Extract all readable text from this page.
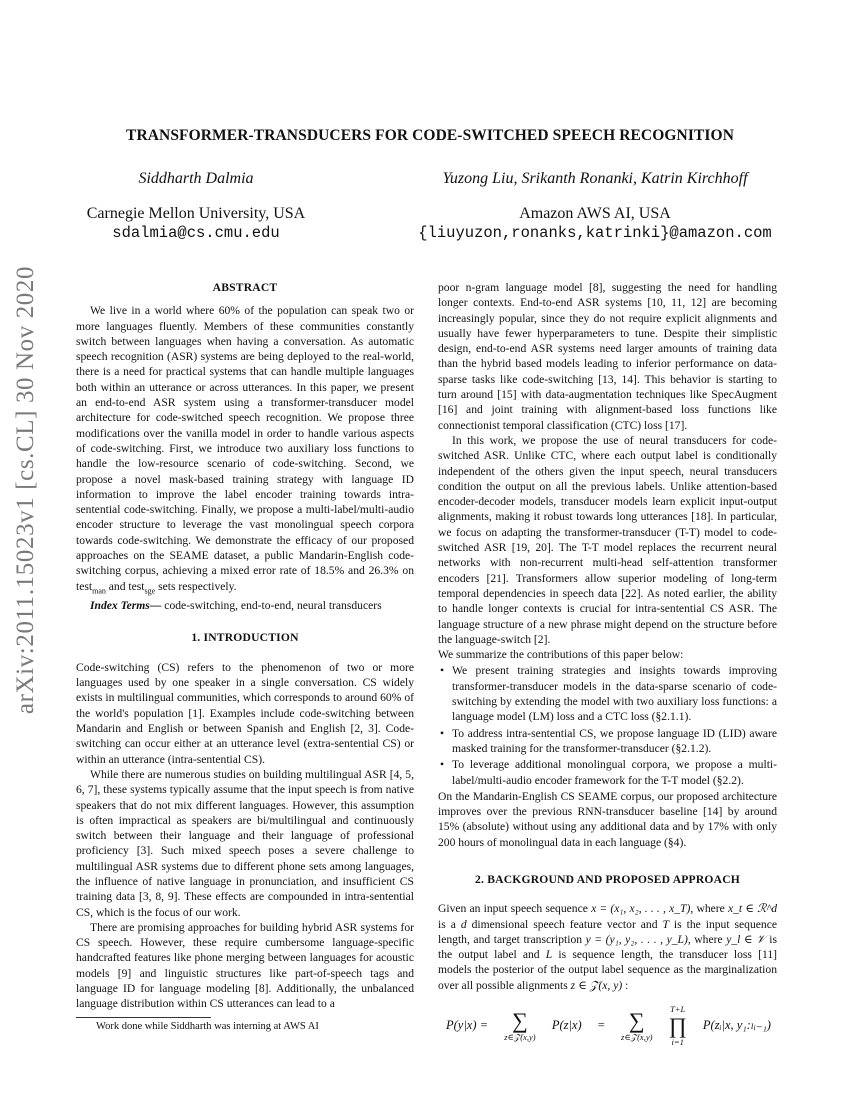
arXiv:2011.15023v1 [cs.CL] 30 Nov 2020
TRANSFORMER-TRANSDUCERS FOR CODE-SWITCHED SPEECH RECOGNITION
Siddharth Dalmia
Carnegie Mellon University, USA
sdalmia@cs.cmu.edu
Yuzong Liu, Srikanth Ronanki, Katrin Kirchhoff
Amazon AWS AI, USA
{liuyuzon,ronanks,katrinki}@amazon.com
ABSTRACT

We live in a world where 60% of the population can speak two or more languages fluently. Members of these communities constantly switch between languages when having a conversation. As automatic speech recognition (ASR) systems are being deployed to the real-world, there is a need for practical systems that can handle multiple languages both within an utterance or across utterances. In this paper, we present an end-to-end ASR system using a transformer-transducer model architecture for code-switched speech recognition. We propose three modifications over the vanilla model in order to handle various aspects of code-switching. First, we introduce two auxiliary loss functions to handle the low-resource scenario of code-switching. Second, we propose a novel mask-based training strategy with language ID information to improve the label encoder training towards intra-sentential code-switching. Finally, we propose a multi-label/multi-audio encoder structure to leverage the vast monolingual speech corpora towards code-switching. We demonstrate the efficacy of our proposed approaches on the SEAME dataset, a public Mandarin-English code-switching corpus, achieving a mixed error rate of 18.5% and 26.3% on test$_{man}$ and test$_{sge}$ sets respectively.

Index Terms— code-switching, end-to-end, neural transducers

1. INTRODUCTION

Code-switching (CS) refers to the phenomenon of two or more languages used by one speaker in a single conversation. CS widely exists in multilingual communities, which corresponds to around 60% of the world's population [1]. Examples include code-switching between Mandarin and English or between Spanish and English [2, 3]. Code-switching can occur either at an utterance level (extra-sentential CS) or within an utterance (intra-sentential CS).

While there are numerous studies on building multilingual ASR [4, 5, 6, 7], these systems typically assume that the input speech is from native speakers that do not mix different languages. However, this assumption is often impractical as speakers are bi/multilingual and continuously switch between their language and their language of professional proficiency [3]. Such mixed speech poses a severe challenge to multilingual ASR systems due to different phone sets among languages, the influence of native language in pronunciation, and insufficient CS training data [3, 8, 9]. These effects are compounded in intra-sentential CS, which is the focus of our work.

There are promising approaches for building hybrid ASR systems for CS speech. However, these require cumbersome language-specific handcrafted features like phone merging between languages for acoustic models [9] and linguistic structures like part-of-speech tags and language ID for language modeling [8]. Additionally, the unbalanced language distribution within CS utterances can lead to a

poor n-gram language model [8], suggesting the need for handling longer contexts. End-to-end ASR systems [10, 11, 12] are becoming increasingly popular, since they do not require explicit alignments and usually have fewer hyperparameters to tune. Despite their simplistic design, end-to-end ASR systems need larger amounts of training data than the hybrid based models leading to inferior performance on data-sparse tasks like code-switching [13, 14]. This behavior is starting to turn around [15] with data-augmentation techniques like SpecAugment [16] and joint training with alignment-based loss functions like connectionist temporal classification (CTC) loss [17].

In this work, we propose the use of neural transducers for code-switched ASR. Unlike CTC, where each output label is conditionally independent of the others given the input speech, neural transducers condition the output on all the previous labels. Unlike attention-based encoder-decoder models, transducer models learn explicit input-output alignments, making it robust towards long utterances [18]. In particular, we focus on adapting the transformer-transducer (T-T) model to code-switched ASR [19, 20]. The T-T model replaces the recurrent neural networks with non-recurrent multi-head self-attention transformer encoders [21]. Transformers allow superior modeling of long-term temporal dependencies in speech data [22]. As noted earlier, the ability to handle longer contexts is crucial for intra-sentential CS ASR. The language structure of a new phrase might depend on the structure before the language-switch [2].

We summarize the contributions of this paper below:

• We present training strategies and insights towards improving transformer-transducer models in the data-sparse scenario of code-switching by extending the model with two auxiliary loss functions: a language model (LM) loss and a CTC loss (§2.1.1).
• To address intra-sentential CS, we propose language ID (LID) aware masked training for the transformer-transducer (§2.1.2).
• To leverage additional monolingual corpora, we propose a multi-label/multi-audio encoder framework for the T-T model (§2.2).

On the Mandarin-English CS SEAME corpus, our proposed architecture improves over the previous RNN-transducer baseline [14] by around 15% (absolute) without using any additional data and by 17% with only 200 hours of monolingual data in each language (§4).

2. BACKGROUND AND PROPOSED APPROACH

Given an input speech sequence x = (x₁, x₂, . . . , x_T), where x_t ∈ ℛ^d is a d dimensional speech feature vector and T is the input sequence length, and target transcription y = (y₁, y₂, . . . , y_L), where y_l ∈ 𝒱 is the output label and L is sequence length, the transducer loss [11] models the posterior of the output label sequence as the marginalization over all possible alignments z ∈ 𝒵(x, y) :

P(y|x) = ∑
z∈𝒵(x,y)
P(z|x) = ∑
z∈𝒵(x,y)
T+L
∏
i=1
P(zᵢ|x, y₁:ₗᵢ₋₁)
Work done while Siddharth was interning at AWS AI
